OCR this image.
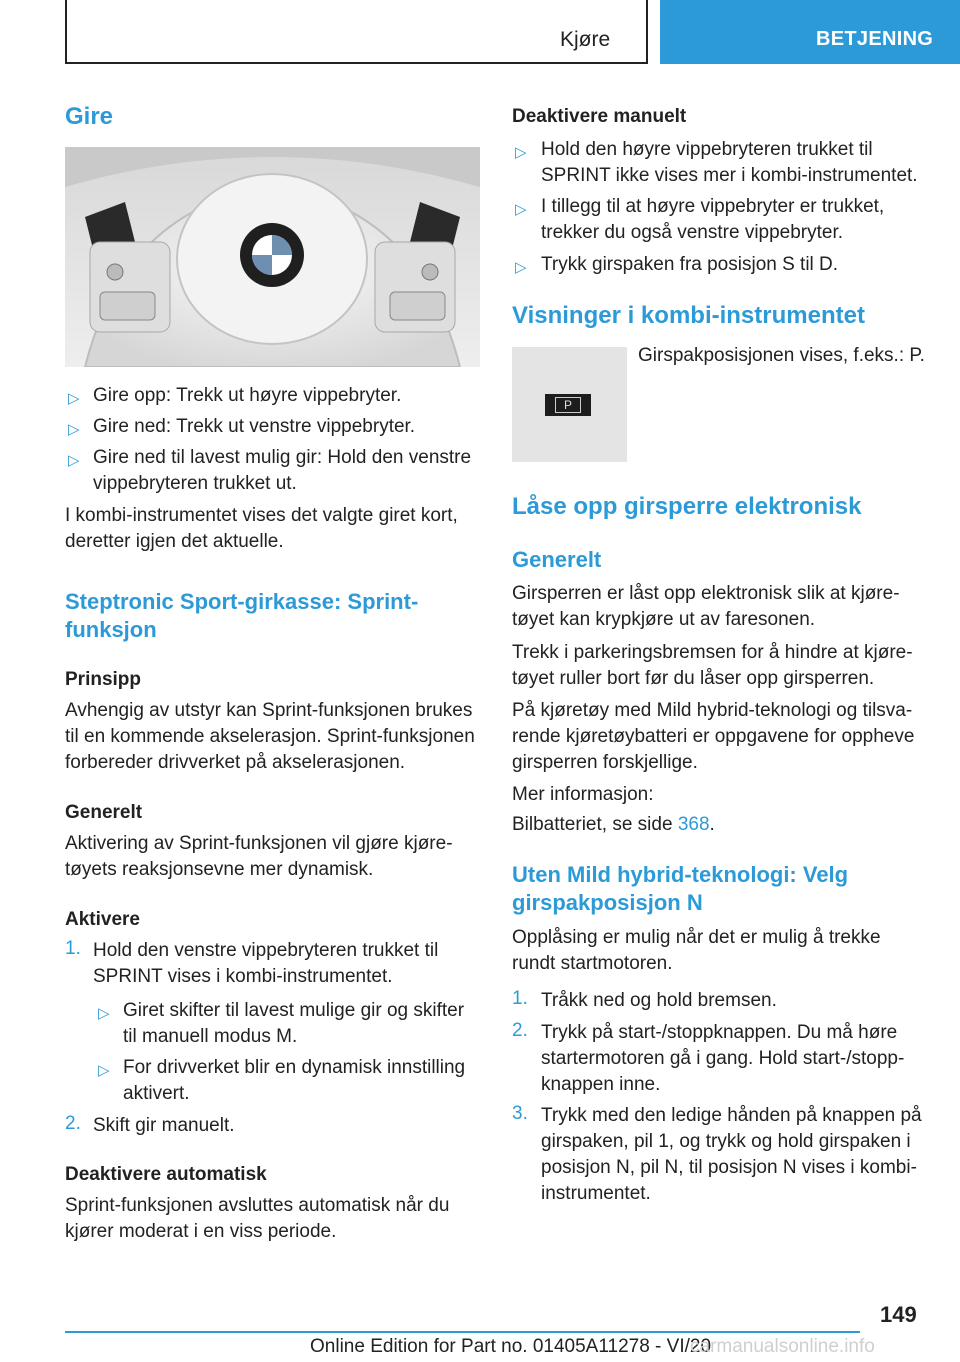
Kjøre	BETJENING
Gire
▷ Gire opp: Trekk ut høyre vippebryter.
▷ Gire ned: Trekk ut venstre vippebryter.
▷ Gire ned til lavest mulig gir: Hold den venstre
vippebryteren trukket ut.
I kombi-instrumentet vises det valgte giret kort,
deretter igjen det aktuelle.
Steptronic Sport-girkasse: Sprint-
funksjon
Prinsipp
Avhengig av utstyr kan Sprint-funksjonen brukes
til en kommende akselerasjon. Sprint-funksjonen
forbereder drivverket på akselerasjonen.
Generelt
Aktivering av Sprint-funksjonen vil gjøre kjøre‐
tøyets reaksjonsevne mer dynamisk.
Aktivere
1. Hold den venstre vippebryteren trukket til
SPRINT vises i kombi-instrumentet.
▷ Giret skifter til lavest mulige gir og skifter
til manuell modus M.
▷ For drivverket blir en dynamisk innstilling
aktivert.
2. Skift gir manuelt.
Deaktivere automatisk
Sprint-funksjonen avsluttes automatisk når du
kjører moderat i en viss periode.
Deaktivere manuelt
▷ Hold den høyre vippebryteren trukket til
SPRINT ikke vises mer i kombi-instrumentet.
▷ I tillegg til at høyre vippebryter er trukket,
trekker du også venstre vippebryter.
▷ Trykk girspaken fra posisjon S til D.
Visninger i kombi-instrumentet
P
Girspakposisjonen vises, f.eks.: P.
Låse opp girsperre elektronisk
Generelt
Girsperren er låst opp elektronisk slik at kjøre‐
tøyet kan krypkjøre ut av faresonen.
Trekk i parkeringsbremsen for å hindre at kjøre‐
tøyet ruller bort før du låser opp girsperren.
På kjøretøy med Mild hybrid-teknologi og tilsva‐
rende kjøretøybatteri er oppgavene for oppheve
girsperren forskjellige.
Mer informasjon:
Bilbatteriet, se side 368.
Uten Mild hybrid-teknologi: Velg
girspakposisjon N
Opplåsing er mulig når det er mulig å trekke
rundt startmotoren.
1. Tråkk ned og hold bremsen.
2. Trykk på start-/stoppknappen. Du må høre
startermotoren gå i gang. Hold start-/stopp‐
knappen inne.
3. Trykk med den ledige hånden på knappen på
girspaken, pil 1, og trykk og hold girspaken i
posisjon N, pil N, til posisjon N vises i kombi‐
instrumentet.
149
Online Edition for Part no. 01405A11278 - VI/20
carmanualsonline.info
